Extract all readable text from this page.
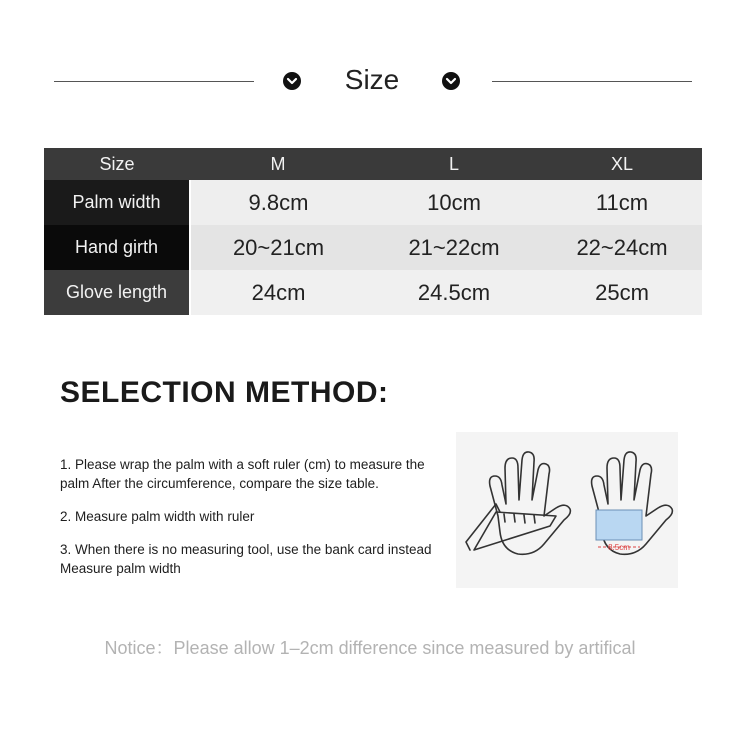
Size
Size	M	L	XL
Palm width	9.8cm	10cm	11cm
Hand girth	20~21cm	21~22cm	22~24cm
Glove length	24cm	24.5cm	25cm
SELECTION METHOD:

1. Please wrap the palm with a soft ruler (cm) to measure the palm After the circumference, compare the size table.

2. Measure palm width with ruler

3. When there is no measuring tool, use the bank card instead Measure palm width

8.5cm
Notice：Please allow 1–2cm difference since measured by artifical
